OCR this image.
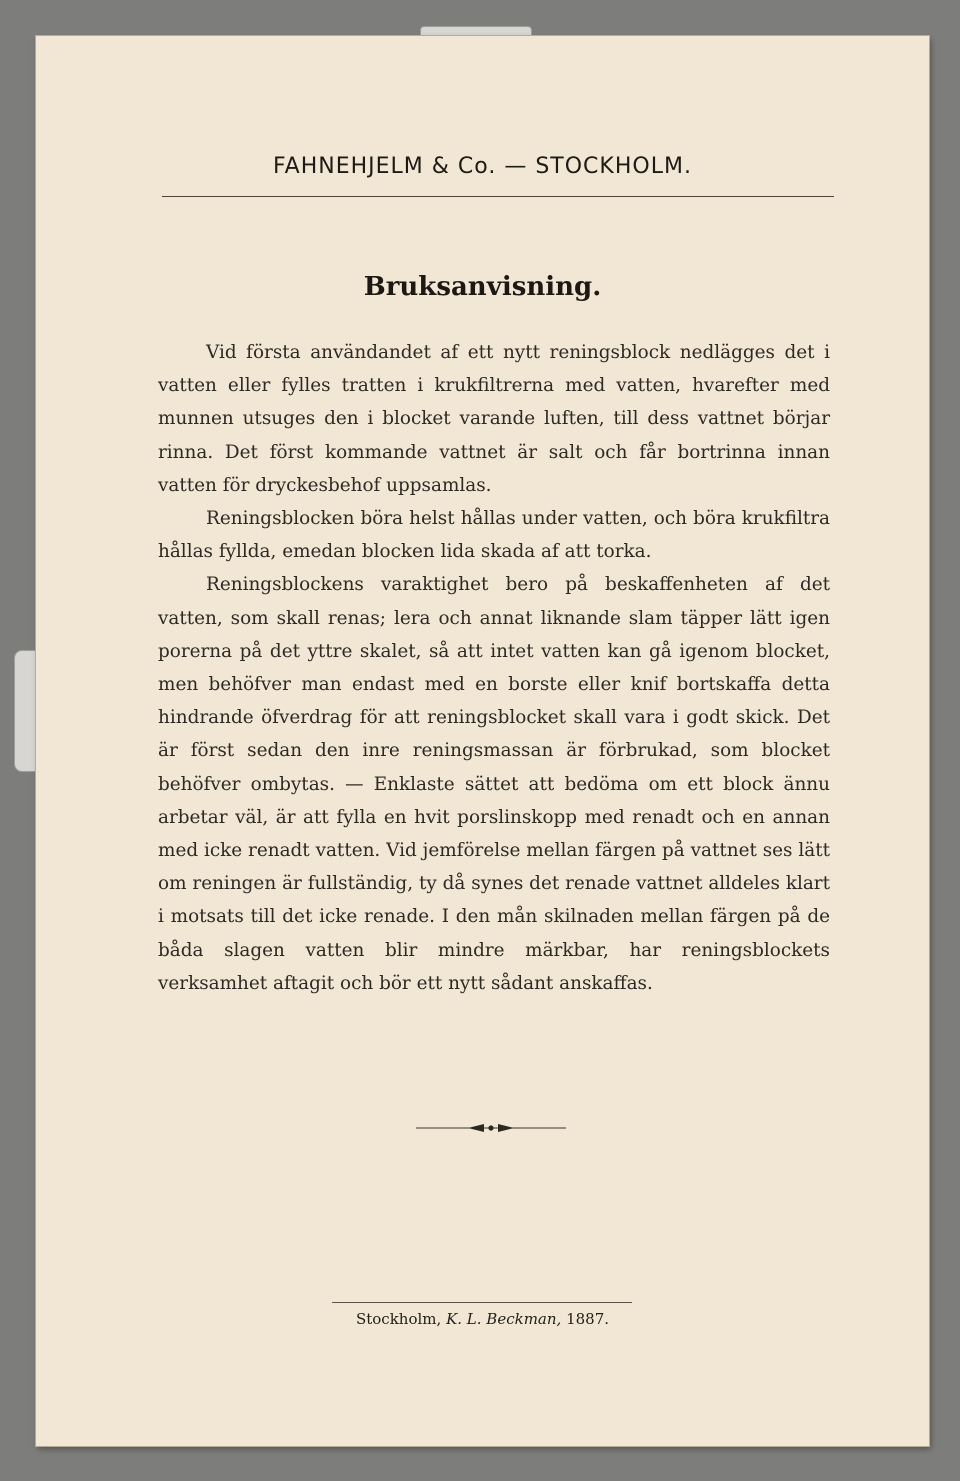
FAHNEHJELM & Co. — STOCKHOLM.
Bruksanvisning.

Vid första användandet af ett nytt reningsblock nedlägges det i vatten eller fylles tratten i krukfiltrerna med vatten, hvarefter med munnen utsuges den i blocket varande luften, till dess vattnet börjar rinna. Det först kommande vattnet är salt och får bortrinna innan vatten för dryckesbehof uppsamlas.

Reningsblocken böra helst hållas under vatten, och böra krukfiltra hållas fyllda, emedan blocken lida skada af att torka.

Reningsblockens varaktighet bero på beskaffenheten af det vatten, som skall renas; lera och annat liknande slam täpper lätt igen porerna på det yttre skalet, så att intet vatten kan gå igenom blocket, men behöfver man endast med en borste eller knif bortskaffa detta hindrande öfverdrag för att reningsblocket skall vara i godt skick. Det är först sedan den inre reningsmassan är förbrukad, som blocket behöfver ombytas. — Enklaste sättet att bedöma om ett block ännu arbetar väl, är att fylla en hvit porslinskopp med renadt och en annan med icke renadt vatten. Vid jemförelse mellan färgen på vattnet ses lätt om reningen är fullständig, ty då synes det renade vattnet alldeles klart i motsats till det icke renade. I den mån skilnaden mellan färgen på de båda slagen vatten blir mindre märkbar, har reningsblockets verksamhet aftagit och bör ett nytt sådant anskaffas.

Stockholm, K. L. Beckman, 1887.
